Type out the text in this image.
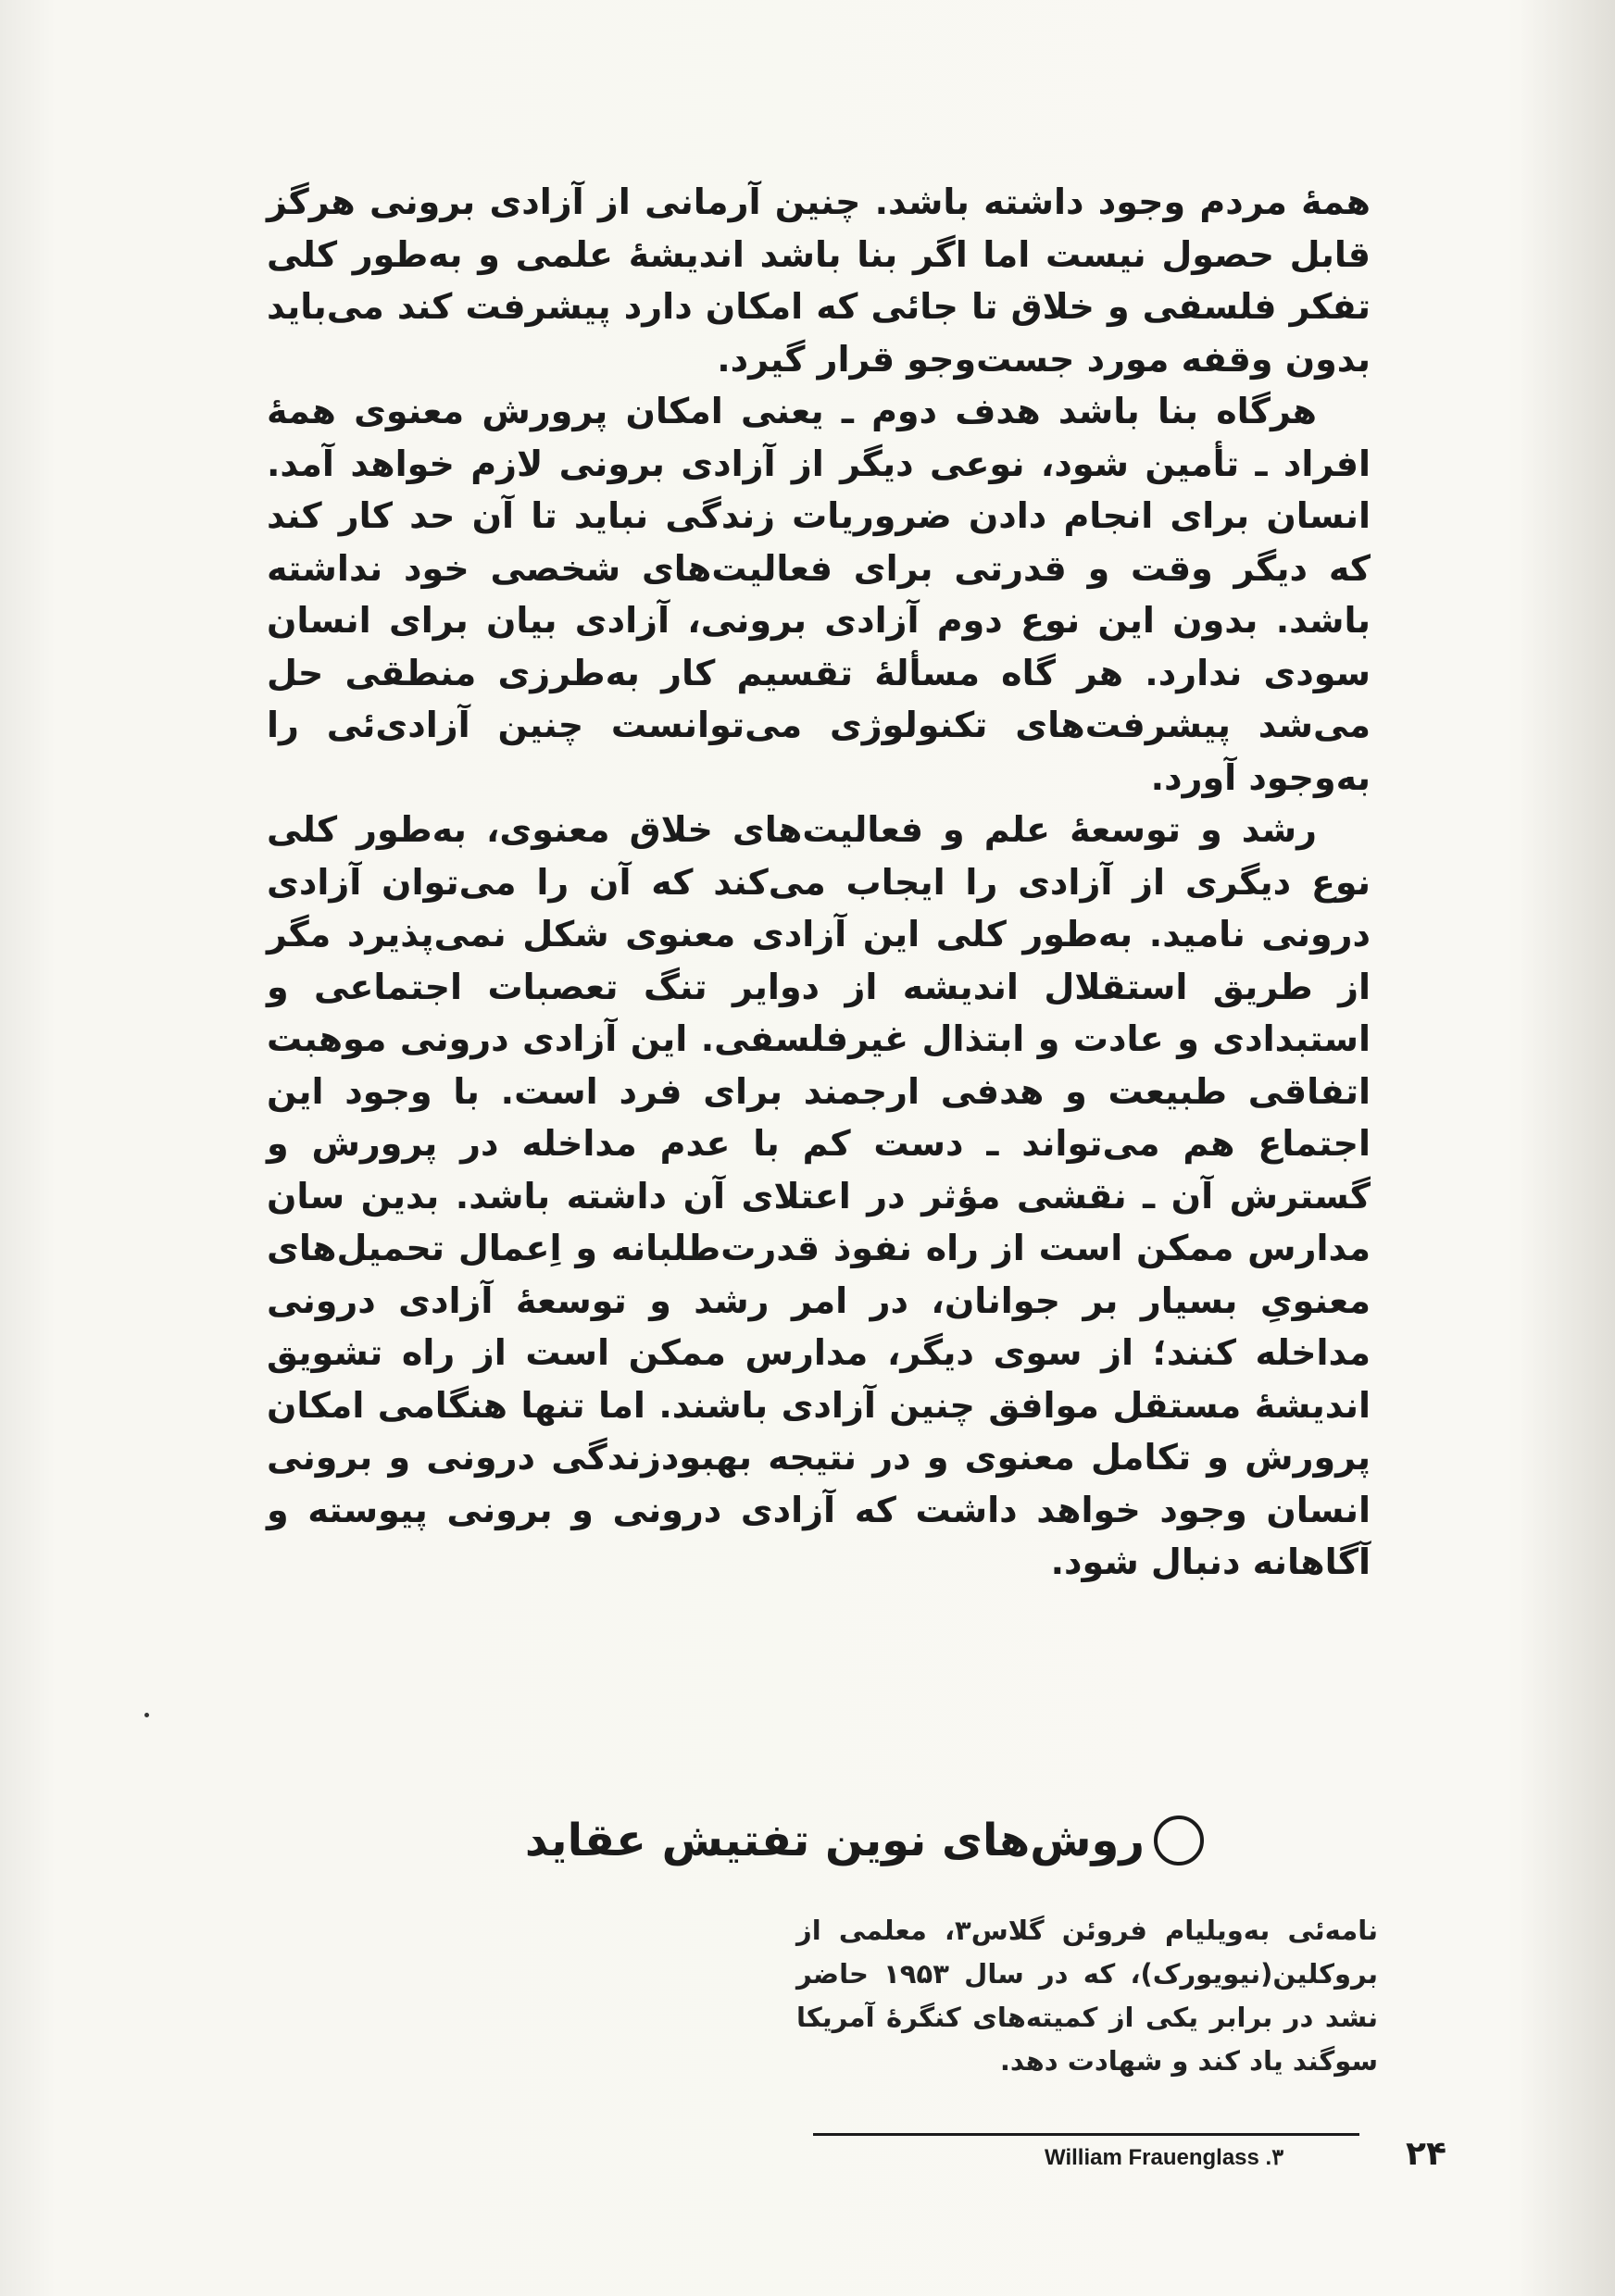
همهٔ مردم وجود داشته باشد. چنین آرمانی از آزادی برونی هرگز قابل حصول نیست اما اگر بنا باشد اندیشهٔ علمی و به‌طور کلی تفکر فلسفی و خلاق تا جائی که امکان دارد پیشرفت کند می‌باید بدون وقفه مورد جست‌وجو قرار گیرد.

هرگاه بنا باشد هدف دوم ـ یعنی امکان پرورش معنوی همهٔ افراد ـ تأمین شود، نوعی دیگر از آزادی برونی لازم خواهد آمد. انسان برای انجام دادن ضروریات زندگی نباید تا آن حد کار کند که دیگر وقت و قدرتی برای فعالیت‌های شخصی خود نداشته باشد. بدون این نوع دوم آزادی برونی، آزادی بیان برای انسان سودی ندارد. هر گاه مسألهٔ تقسیم کار به‌طرزی منطقی حل می‌شد پیشرفت‌های تکنولوژی می‌توانست چنین آزادی‌ئی را به‌وجود آورد.

رشد و توسعهٔ علم و فعالیت‌های خلاق معنوی، به‌طور کلی نوع دیگری از آزادی را ایجاب می‌کند که آن را می‌توان آزادی درونی نامید. به‌طور کلی این آزادی معنوی شکل نمی‌پذیرد مگر از طریق استقلال اندیشه از دوایر تنگ تعصبات اجتماعی و استبدادی و عادت و ابتذال غیرفلسفی. این آزادی درونی موهبت اتفاقی طبیعت و هدفی ارجمند برای فرد است. با وجود این اجتماع هم می‌تواند ـ دست کم با عدم مداخله در پرورش و گسترش آن ـ نقشی مؤثر در اعتلای آن داشته باشد. بدین سان مدارس ممکن است از راه نفوذ قدرت‌طلبانه و اِعمال تحمیل‌های معنویِ بسیار بر جوانان، در امر رشد و توسعهٔ آزادی درونی مداخله کنند؛ از سوی دیگر، مدارس ممکن است از راه تشویق اندیشهٔ مستقل موافق چنین آزادی باشند. اما تنها هنگامی امکان پرورش و تکامل معنوی و در نتیجه بهبودزندگی درونی و برونی انسان وجود خواهد داشت که آزادی درونی و برونی پیوسته و آگاهانه دنبال شود.

روش‌های نوین تفتیش عقاید
نامه‌ئی به‌ویلیام فروئن گلاس۳، معلمی از بروکلین(نیویورک)، که در سال ۱۹۵۳ حاضر نشد در برابر یکی از کمیته‌های کنگرهٔ آمریکا سوگند یاد کند و شهادت دهد.
William Frauenglass .۳	۲۴
